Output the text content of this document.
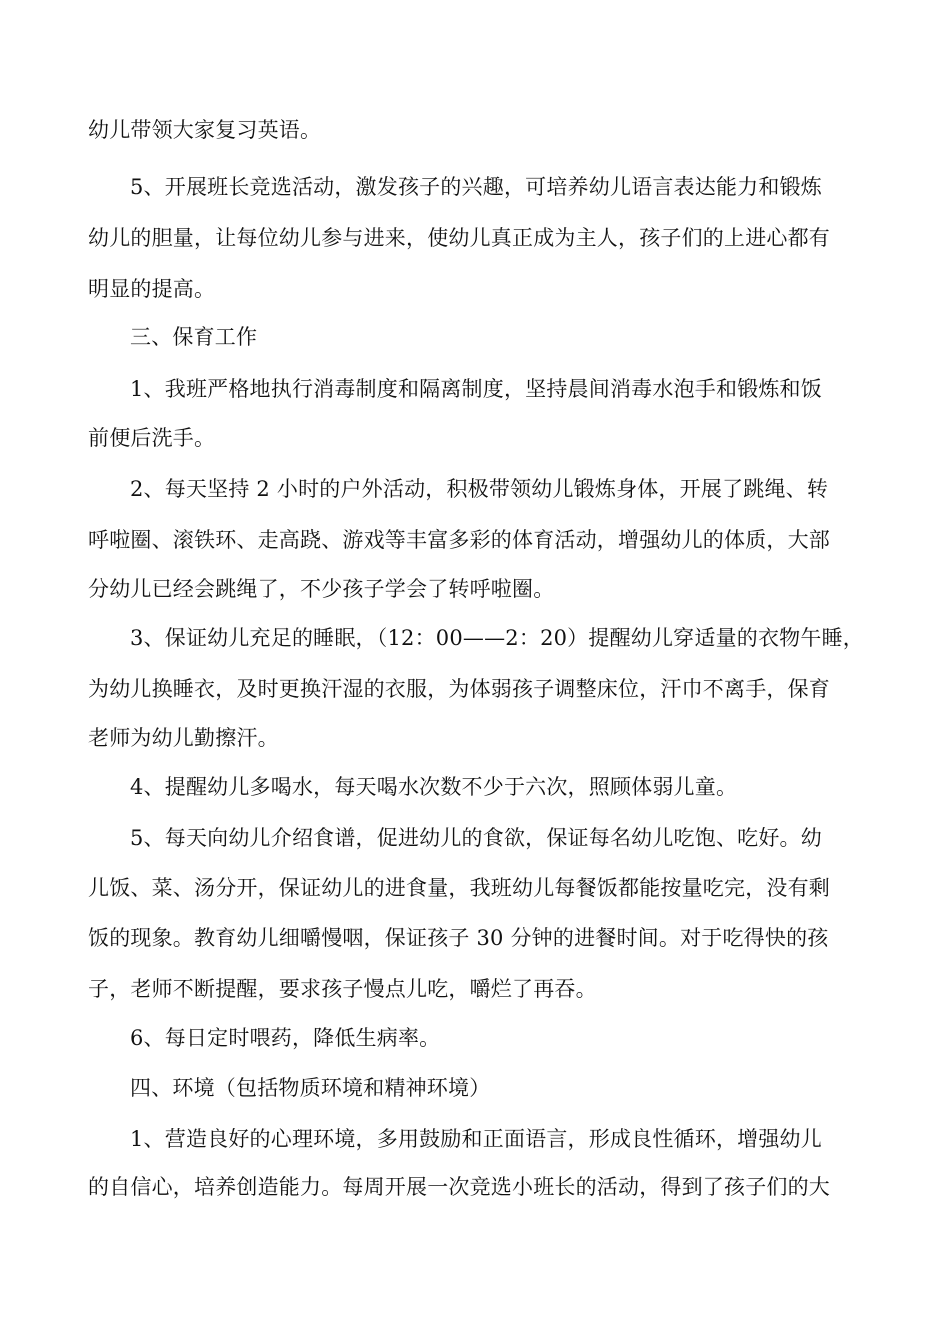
幼儿带领大家复习英语。
5、开展班长竞选活动，激发孩子的兴趣，可培养幼儿语言表达能力和锻炼
幼儿的胆量，让每位幼儿参与进来，使幼儿真正成为主人，孩子们的上进心都有
明显的提高。
三、保育工作
1、我班严格地执行消毒制度和隔离制度，坚持晨间消毒水泡手和锻炼和饭
前便后洗手。
2、每天坚持 2 小时的户外活动，积极带领幼儿锻炼身体，开展了跳绳、转
呼啦圈、滚铁环、走高跷、游戏等丰富多彩的体育活动，增强幼儿的体质，大部
分幼儿已经会跳绳了，不少孩子学会了转呼啦圈。
3、保证幼儿充足的睡眠，（12：00——2：20）提醒幼儿穿适量的衣物午睡，
为幼儿换睡衣，及时更换汗湿的衣服，为体弱孩子调整床位，汗巾不离手，保育
老师为幼儿勤擦汗。
4、提醒幼儿多喝水，每天喝水次数不少于六次，照顾体弱儿童。
5、每天向幼儿介绍食谱，促进幼儿的食欲，保证每名幼儿吃饱、吃好。幼
儿饭、菜、汤分开，保证幼儿的进食量，我班幼儿每餐饭都能按量吃完，没有剩
饭的现象。教育幼儿细嚼慢咽，保证孩子 30 分钟的进餐时间。对于吃得快的孩
子，老师不断提醒，要求孩子慢点儿吃，嚼烂了再吞。
6、每日定时喂药，降低生病率。
四、环境（包括物质环境和精神环境）
1、营造良好的心理环境，多用鼓励和正面语言，形成良性循环，增强幼儿
的自信心，培养创造能力。每周开展一次竞选小班长的活动，得到了孩子们的大
